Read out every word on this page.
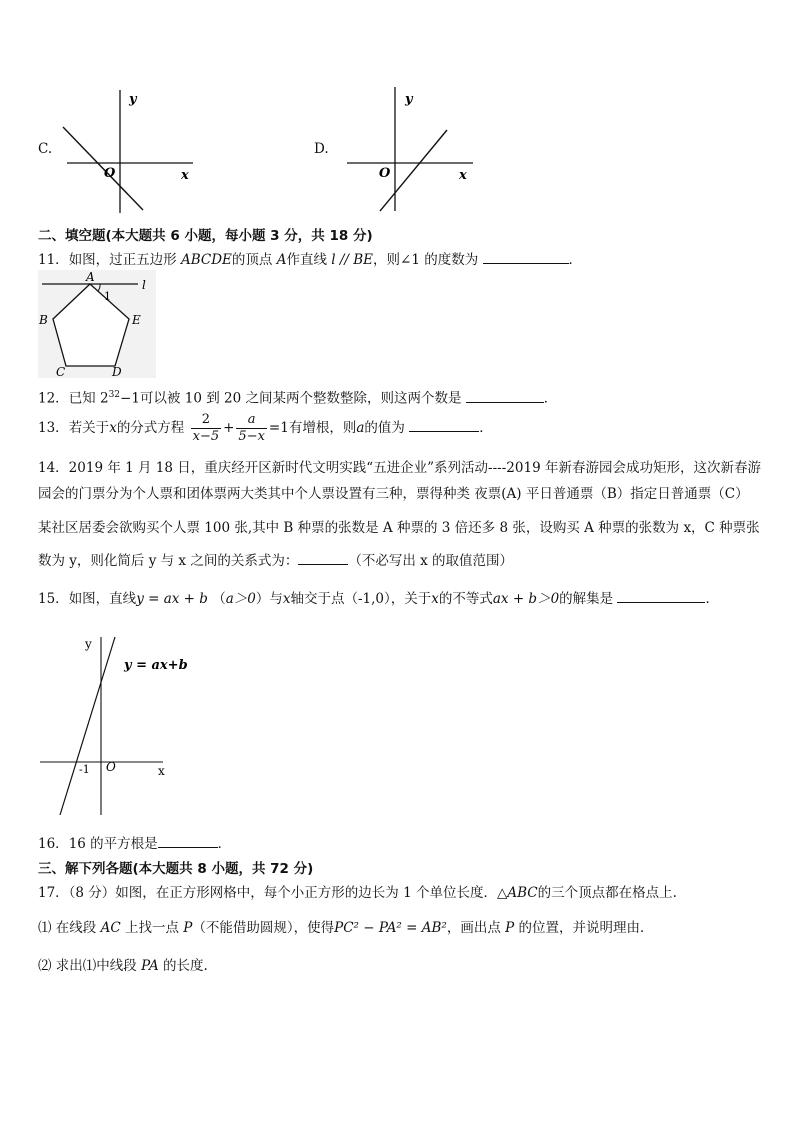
C.
y
x
O
D.
y
x
O
二、填空题(本大题共 6 小题，每小题 3 分，共 18 分)
11．如图，过正五边形 ABCDE的顶点 A作直线 l // BE，则∠1 的度数为	．
A
1
l
B	E
C	D
12．已知 $2^{32}-1$可以被 10 到 20 之间某两个整数整除，则这两个数是	．
13．若关于x的分式方程 $\frac{2}{x-5} + \frac{a}{5-x} =1$有增根，则a的值为	．
14．2019 年 1 月 18 日，重庆经开区新时代文明实践“五进企业”系列活动----2019 年新春游园会成功矩形，这次新春游
园会的门票分为个人票和团体票两大类其中个人票设置有三种，票得种类 夜票(A) 平日普通票（B）指定日普通票（C）
某社区居委会欲购买个人票 100 张,其中 B 种票的张数是 A 种票的 3 倍还多 8 张，设购买 A 种票的张数为 x，C 种票张
数为 y，则化简后 y 与 x 之间的关系式为：	（不必写出 x 的取值范围）
15．如图，直线y = ax + b （a＞0）与x轴交于点（-1,0），关于x的不等式ax + b＞0的解集是	．
y
x
O
-1
y = ax+b
16．16 的平方根是	．
三、解下列各题(本大题共 8 小题，共 72 分)
17．（8 分）如图，在正方形网格中，每个小正方形的边长为 1 个单位长度．△ABC的三个顶点都在格点上.
⑴ 在线段 AC 上找一点 P（不能借助圆规），使得PC² − PA² = AB²，画出点 P 的位置，并说明理由．
⑵ 求出⑴中线段 PA 的长度.
